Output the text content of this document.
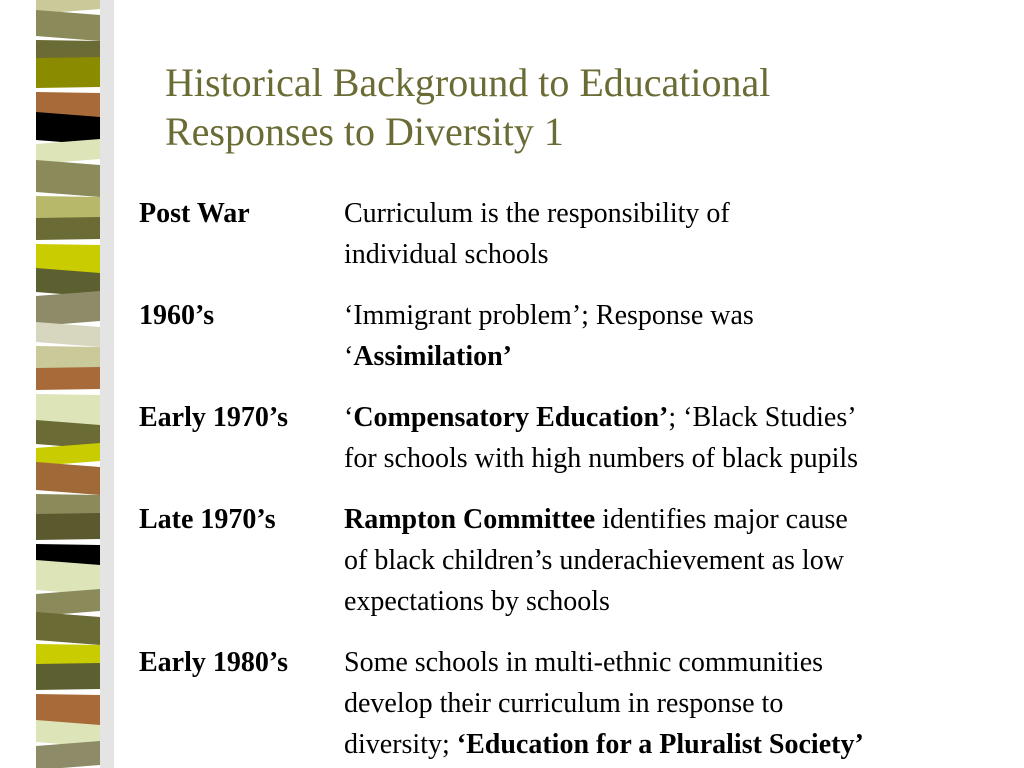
Historical Background to Educational
Responses to Diversity 1
Post War	Curriculum is the responsibility of
individual schools
1960’s	‘Immigrant problem’; Response was
‘Assimilation’
Early 1970’s	‘Compensatory Education’; ‘Black Studies’
for schools with high numbers of black pupils
Late 1970’s	Rampton Committee identifies major cause
of black children’s underachievement as low
expectations by schools
Early 1980’s	Some schools in multi-ethnic communities
develop their curriculum in response to
diversity; ‘Education for a Pluralist Society’
